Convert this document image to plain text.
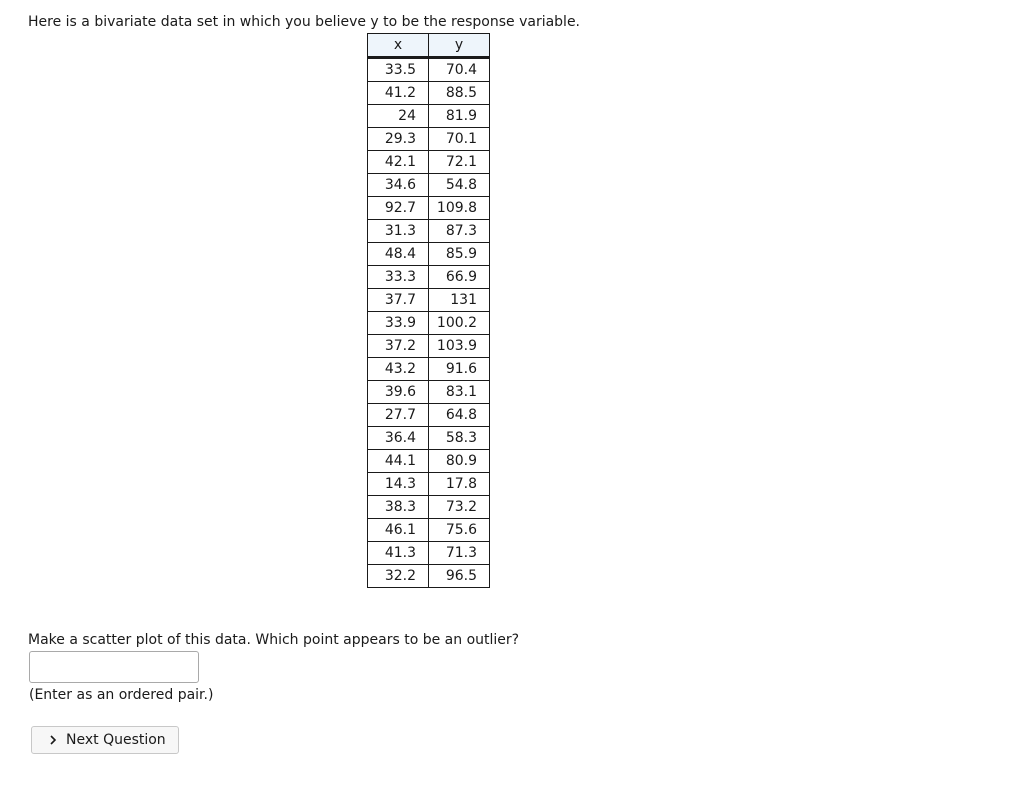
Here is a bivariate data set in which you believe y to be the response variable.
x	y
33.5	70.4
41.2	88.5
24	81.9
29.3	70.1
42.1	72.1
34.6	54.8
92.7	109.8
31.3	87.3
48.4	85.9
33.3	66.9
37.7	131
33.9	100.2
37.2	103.9
43.2	91.6
39.6	83.1
27.7	64.8
36.4	58.3
44.1	80.9
14.3	17.8
38.3	73.2
46.1	75.6
41.3	71.3
32.2	96.5
Make a scatter plot of this data. Which point appears to be an outlier?
(Enter as an ordered pair.)
Next Question
